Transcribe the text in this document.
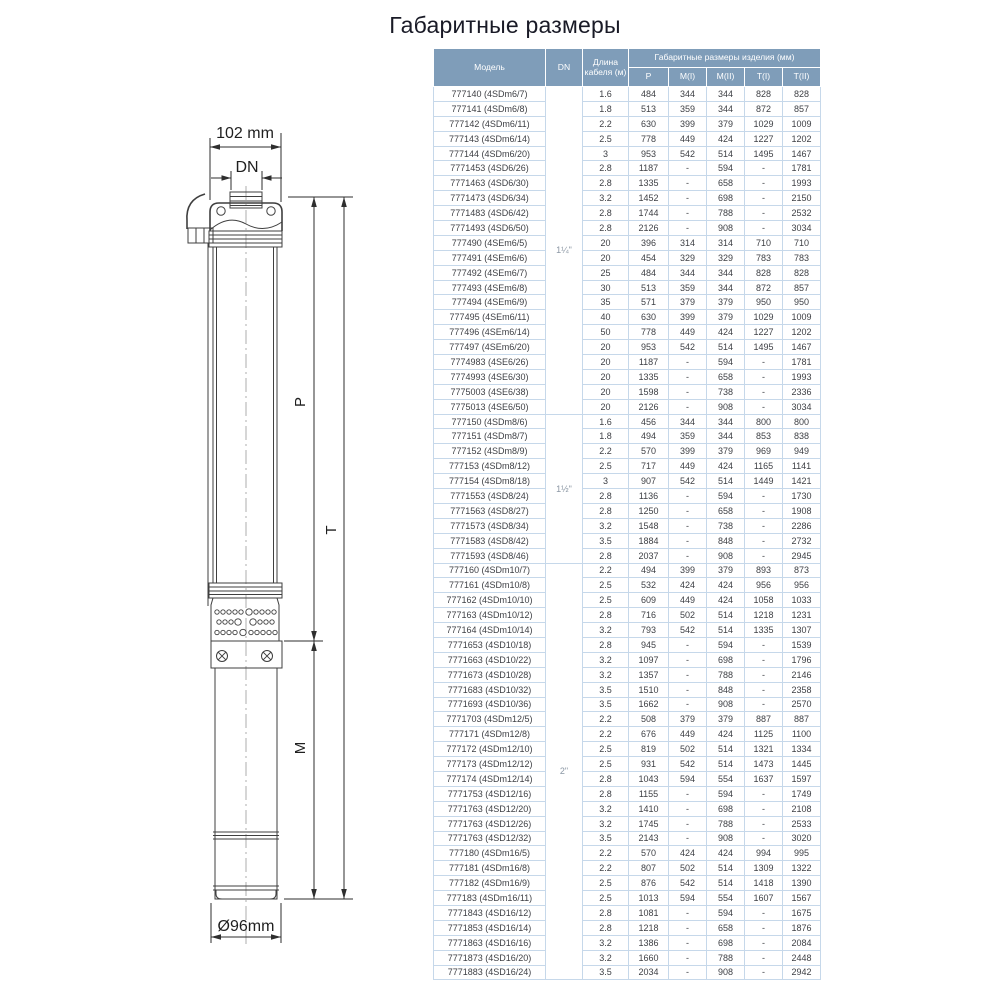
Габаритные размеры
102 mm
DN
P
M
T
Ø96mm
Модель	DN	Длина кабеля (м)	Габаритные размеры изделия (мм)				
			P	M(I)	M(II)	T(I)	T(II)
777140 (4SDm6/7)	1¼"	1.6	484	344	344	828	828
777141 (4SDm6/8)		1.8	513	359	344	872	857
777142 (4SDm6/11)		2.2	630	399	379	1029	1009
777143 (4SDm6/14)		2.5	778	449	424	1227	1202
777144 (4SDm6/20)		3	953	542	514	1495	1467
7771453 (4SD6/26)		2.8	1187	-	594	-	1781
7771463 (4SD6/30)		2.8	1335	-	658	-	1993
7771473 (4SD6/34)		3.2	1452	-	698	-	2150
7771483 (4SD6/42)		2.8	1744	-	788	-	2532
7771493 (4SD6/50)		2.8	2126	-	908	-	3034
777490 (4SEm6/5)		20	396	314	314	710	710
777491 (4SEm6/6)		20	454	329	329	783	783
777492 (4SEm6/7)		25	484	344	344	828	828
777493 (4SEm6/8)		30	513	359	344	872	857
777494 (4SEm6/9)		35	571	379	379	950	950
777495 (4SEm6/11)		40	630	399	379	1029	1009
777496 (4SEm6/14)		50	778	449	424	1227	1202
777497 (4SEm6/20)		20	953	542	514	1495	1467
7774983 (4SE6/26)		20	1187	-	594	-	1781
7774993 (4SE6/30)		20	1335	-	658	-	1993
7775003 (4SE6/38)		20	1598	-	738	-	2336
7775013 (4SE6/50)		20	2126	-	908	-	3034
777150 (4SDm8/6)	1½"	1.6	456	344	344	800	800
777151 (4SDm8/7)		1.8	494	359	344	853	838
777152 (4SDm8/9)		2.2	570	399	379	969	949
777153 (4SDm8/12)		2.5	717	449	424	1165	1141
777154 (4SDm8/18)		3	907	542	514	1449	1421
7771553 (4SD8/24)		2.8	1136	-	594	-	1730
7771563 (4SD8/27)		2.8	1250	-	658	-	1908
7771573 (4SD8/34)		3.2	1548	-	738	-	2286
7771583 (4SD8/42)		3.5	1884	-	848	-	2732
7771593 (4SD8/46)		2.8	2037	-	908	-	2945
777160 (4SDm10/7)	2"	2.2	494	399	379	893	873
777161 (4SDm10/8)		2.5	532	424	424	956	956
777162 (4SDm10/10)		2.5	609	449	424	1058	1033
777163 (4SDm10/12)		2.8	716	502	514	1218	1231
777164 (4SDm10/14)		3.2	793	542	514	1335	1307
7771653 (4SD10/18)		2.8	945	-	594	-	1539
7771663 (4SD10/22)		3.2	1097	-	698	-	1796
7771673 (4SD10/28)		3.2	1357	-	788	-	2146
7771683 (4SD10/32)		3.5	1510	-	848	-	2358
7771693 (4SD10/36)		3.5	1662	-	908	-	2570
7771703 (4SDm12/5)		2.2	508	379	379	887	887
777171 (4SDm12/8)		2.2	676	449	424	1125	1100
777172 (4SDm12/10)		2.5	819	502	514	1321	1334
777173 (4SDm12/12)		2.5	931	542	514	1473	1445
777174 (4SDm12/14)		2.8	1043	594	554	1637	1597
7771753 (4SD12/16)		2.8	1155	-	594	-	1749
7771763 (4SD12/20)		3.2	1410	-	698	-	2108
7771763 (4SD12/26)		3.2	1745	-	788	-	2533
7771763 (4SD12/32)		3.5	2143	-	908	-	3020
777180 (4SDm16/5)		2.2	570	424	424	994	995
777181 (4SDm16/8)		2.2	807	502	514	1309	1322
777182 (4SDm16/9)		2.5	876	542	514	1418	1390
777183 (4SDm16/11)		2.5	1013	594	554	1607	1567
7771843 (4SD16/12)		2.8	1081	-	594	-	1675
7771853 (4SD16/14)		2.8	1218	-	658	-	1876
7771863 (4SD16/16)		3.2	1386	-	698	-	2084
7771873 (4SD16/20)		3.2	1660	-	788	-	2448
7771883 (4SD16/24)		3.5	2034	-	908	-	2942
